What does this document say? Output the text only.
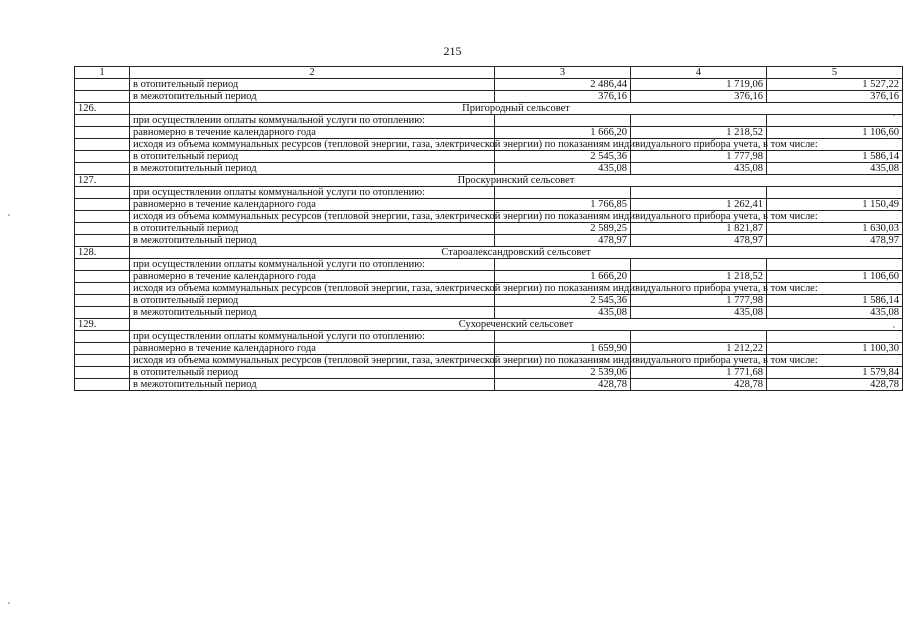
215
1	2	3	4	5
	в отопительный период	2 486,44	1 719,06	1 527,22
	в межотопительный период	376,16	376,16	376,16
126.	Пригородный сельсовет			
	при осуществлении оплаты коммунальной услуги по отоплению:			
	равномерно в течение календарного года	1 666,20	1 218,52	1 106,60
	исходя из объема коммунальных ресурсов (тепловой энергии, газа, электрической энергии) по показаниям индивидуального прибора учета, в том числе:			
	в отопительный период	2 545,36	1 777,98	1 586,14
	в межотопительный период	435,08	435,08	435,08
127.	Проскуринский сельсовет			
	при осуществлении оплаты коммунальной услуги по отоплению:			
	равномерно в течение календарного года	1 766,85	1 262,41	1 150,49
	исходя из объема коммунальных ресурсов (тепловой энергии, газа, электрической энергии) по показаниям индивидуального прибора учета, в том числе:			
	в отопительный период	2 589,25	1 821,87	1 630,03
	в межотопительный период	478,97	478,97	478,97
128.	Староалександровский сельсовет			
	при осуществлении оплаты коммунальной услуги по отоплению:			
	равномерно в течение календарного года	1 666,20	1 218,52	1 106,60
	исходя из объема коммунальных ресурсов (тепловой энергии, газа, электрической энергии) по показаниям индивидуального прибора учета, в том числе:			
	в отопительный период	2 545,36	1 777,98	1 586,14
	в межотопительный период	435,08	435,08	435,08
129.	Сухореченский сельсовет			
	при осуществлении оплаты коммунальной услуги по отоплению:			
	равномерно в течение календарного года	1 659,90	1 212,22	1 100,30
	исходя из объема коммунальных ресурсов (тепловой энергии, газа, электрической энергии) по показаниям индивидуального прибора учета, в том числе:			
	в отопительный период	2 539,06	1 771,68	1 579,84
	в межотопительный период	428,78	428,78	428,78
